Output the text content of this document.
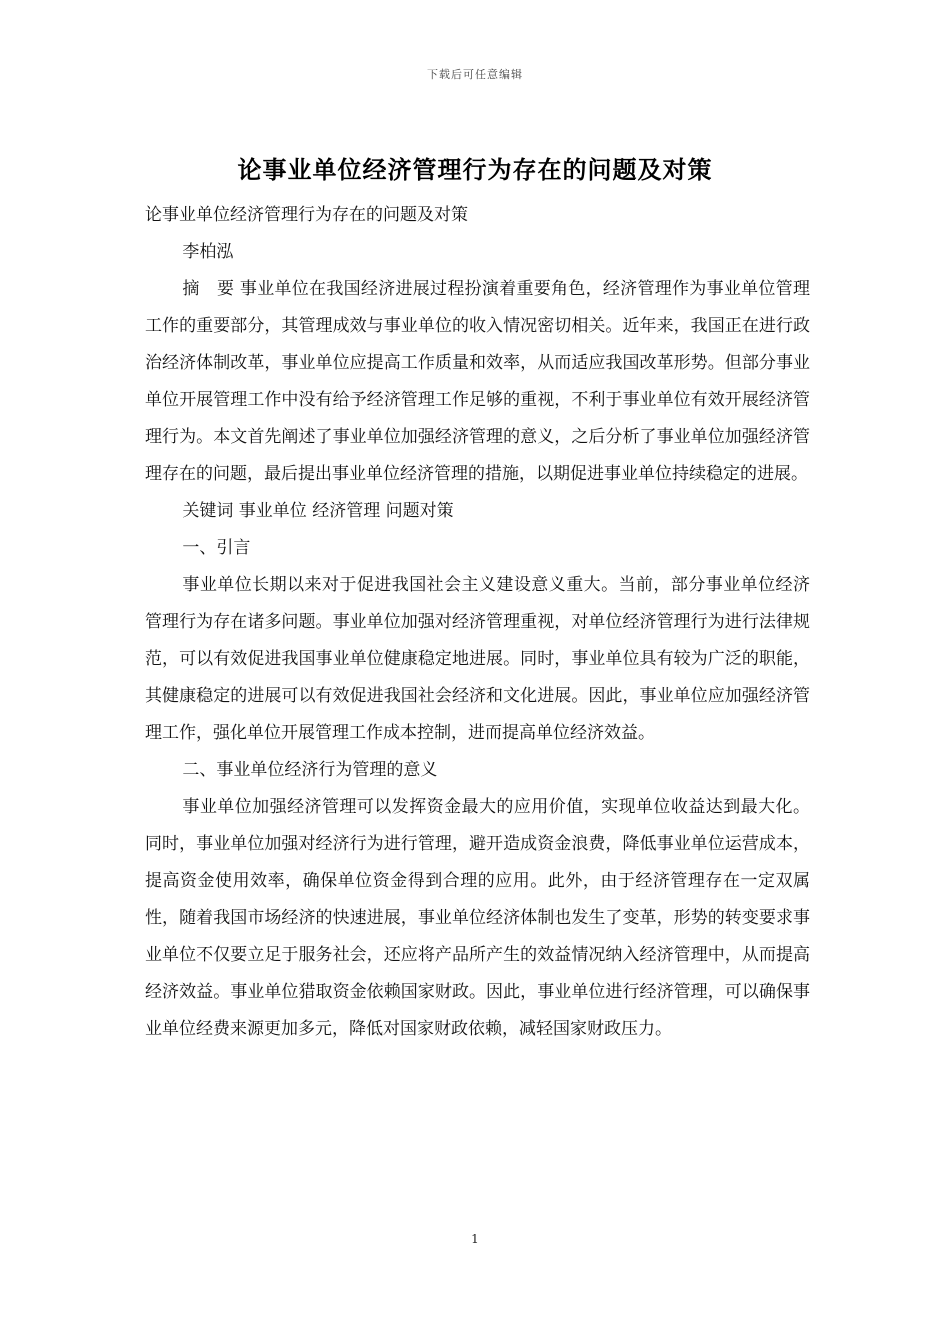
下载后可任意编辑
论事业单位经济管理行为存在的问题及对策

论事业单位经济管理行为存在的问题及对策

李柏泓

摘　要 事业单位在我国经济进展过程扮演着重要角色，经济管理作为事业单位管理工作的重要部分，其管理成效与事业单位的收入情况密切相关。近年来，我国正在进行政治经济体制改革，事业单位应提高工作质量和效率，从而适应我国改革形势。但部分事业单位开展管理工作中没有给予经济管理工作足够的重视，不利于事业单位有效开展经济管理行为。本文首先阐述了事业单位加强经济管理的意义，之后分析了事业单位加强经济管理存在的问题，最后提出事业单位经济管理的措施，以期促进事业单位持续稳定的进展。

关键词 事业单位 经济管理 问题对策

一、引言

事业单位长期以来对于促进我国社会主义建设意义重大。当前，部分事业单位经济管理行为存在诸多问题。事业单位加强对经济管理重视，对单位经济管理行为进行法律规范，可以有效促进我国事业单位健康稳定地进展。同时，事业单位具有较为广泛的职能，其健康稳定的进展可以有效促进我国社会经济和文化进展。因此，事业单位应加强经济管理工作，强化单位开展管理工作成本控制，进而提高单位经济效益。

二、事业单位经济行为管理的意义

事业单位加强经济管理可以发挥资金最大的应用价值，实现单位收益达到最大化。同时，事业单位加强对经济行为进行管理，避开造成资金浪费，降低事业单位运营成本，提高资金使用效率，确保单位资金得到合理的应用。此外，由于经济管理存在一定双属性，随着我国市场经济的快速进展，事业单位经济体制也发生了变革，形势的转变要求事业单位不仅要立足于服务社会，还应将产品所产生的效益情况纳入经济管理中，从而提高经济效益。事业单位猎取资金依赖国家财政。因此，事业单位进行经济管理，可以确保事业单位经费来源更加多元，降低对国家财政依赖，减轻国家财政压力。

1
